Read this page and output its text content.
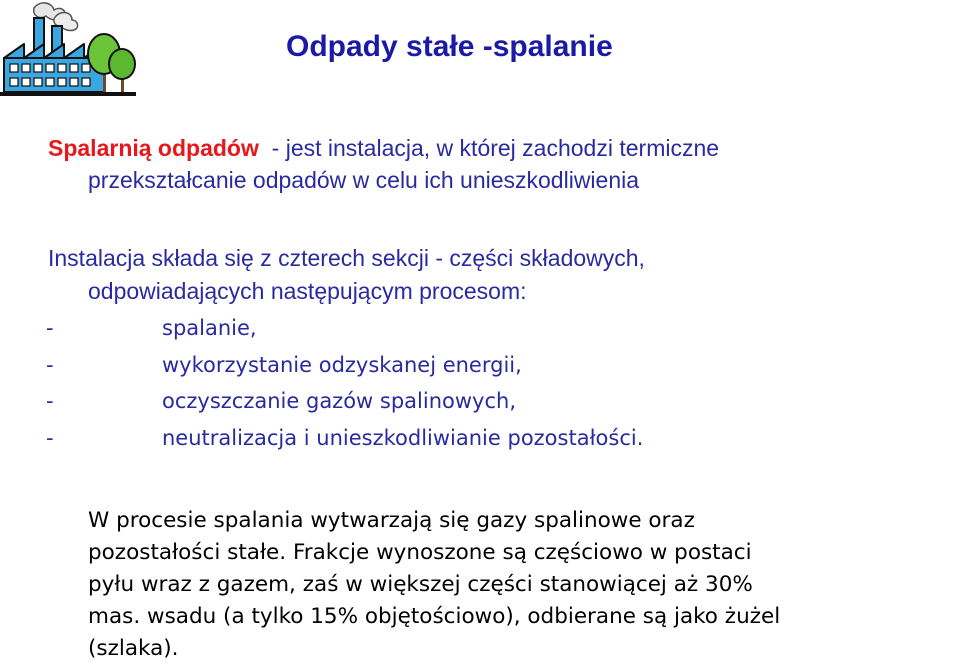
Odpady stałe -spalanie
Spalarnią odpadów  - jest instalacja, w której zachodzi termiczne
przekształcanie odpadów w celu ich unieszkodliwienia
Instalacja składa się z czterech sekcji - części składowych,
odpowiadających następującym procesom:
-	spalanie,
-	wykorzystanie odzyskanej energii,
-	oczyszczanie gazów spalinowych,
-	neutralizacja i unieszkodliwianie pozostałości.
W procesie spalania wytwarzają się gazy spalinowe oraz
pozostałości stałe. Frakcje wynoszone są częściowo w postaci
pyłu wraz z gazem, zaś w większej części stanowiącej aż 30%
mas. wsadu (a tylko 15% objętościowo), odbierane są jako żużel
(szlaka).
